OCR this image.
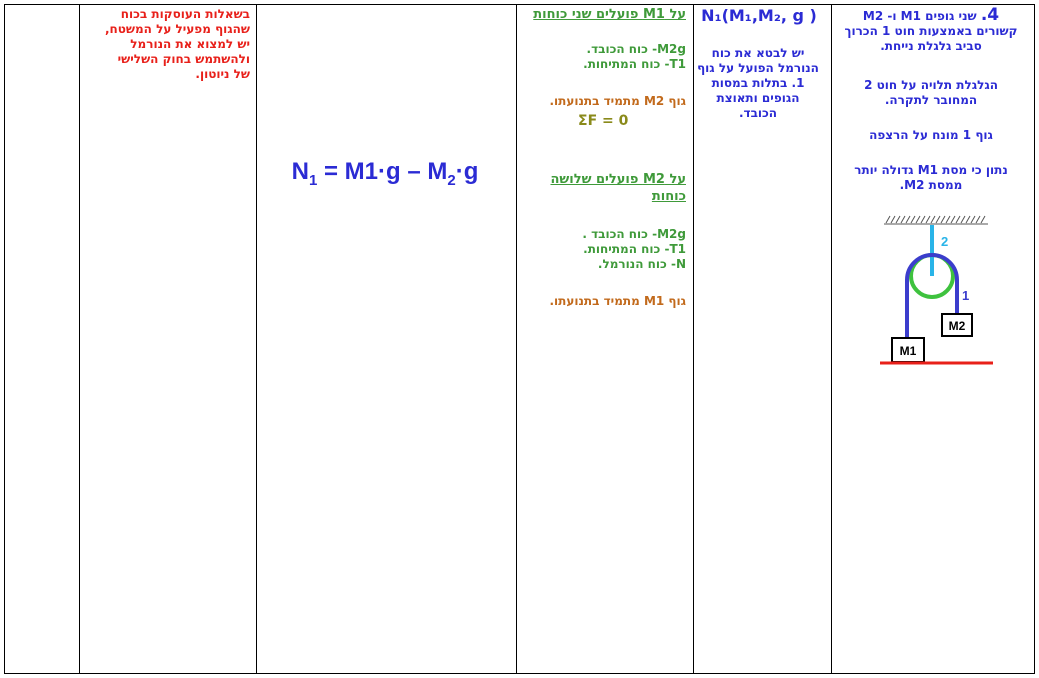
4. שני גופים M1 ו- M2
קשורים באמצעות חוט 1 הכרוך
סביב גלגלת נייחת.
הגלגלת תלויה על חוט 2
המחובר לתקרה.
גוף 1 מונח על הרצפה
נתון כי מסת M1 גדולה יותר
ממסת M2.
2
1
M2
M1
N₁(M₁,M₂, g )
יש לבטא את כוח
הנורמל הפועל על גוף
1. בתלות במסות
הגופים ותאוצת
הכובד.
על M1 פועלים שני כוחות
M2g- כוח הכובד.
T1- כוח המתיחות.
גוף M2 מתמיד בתנועתו.
ΣF = 0
על M2 פועלים שלושה
כוחות
M2g- כוח הכובד .
T1- כוח המתיחות.
N- כוח הנורמל.
גוף M1 מתמיד בתנועתו.
$N_1 = M1\cdot g - M_2\cdot g$
בשאלות העוסקות בכוח
שהגוף מפעיל על המשטח,
יש למצוא את הנורמל
ולהשתמש בחוק השלישי
של ניוטון.
